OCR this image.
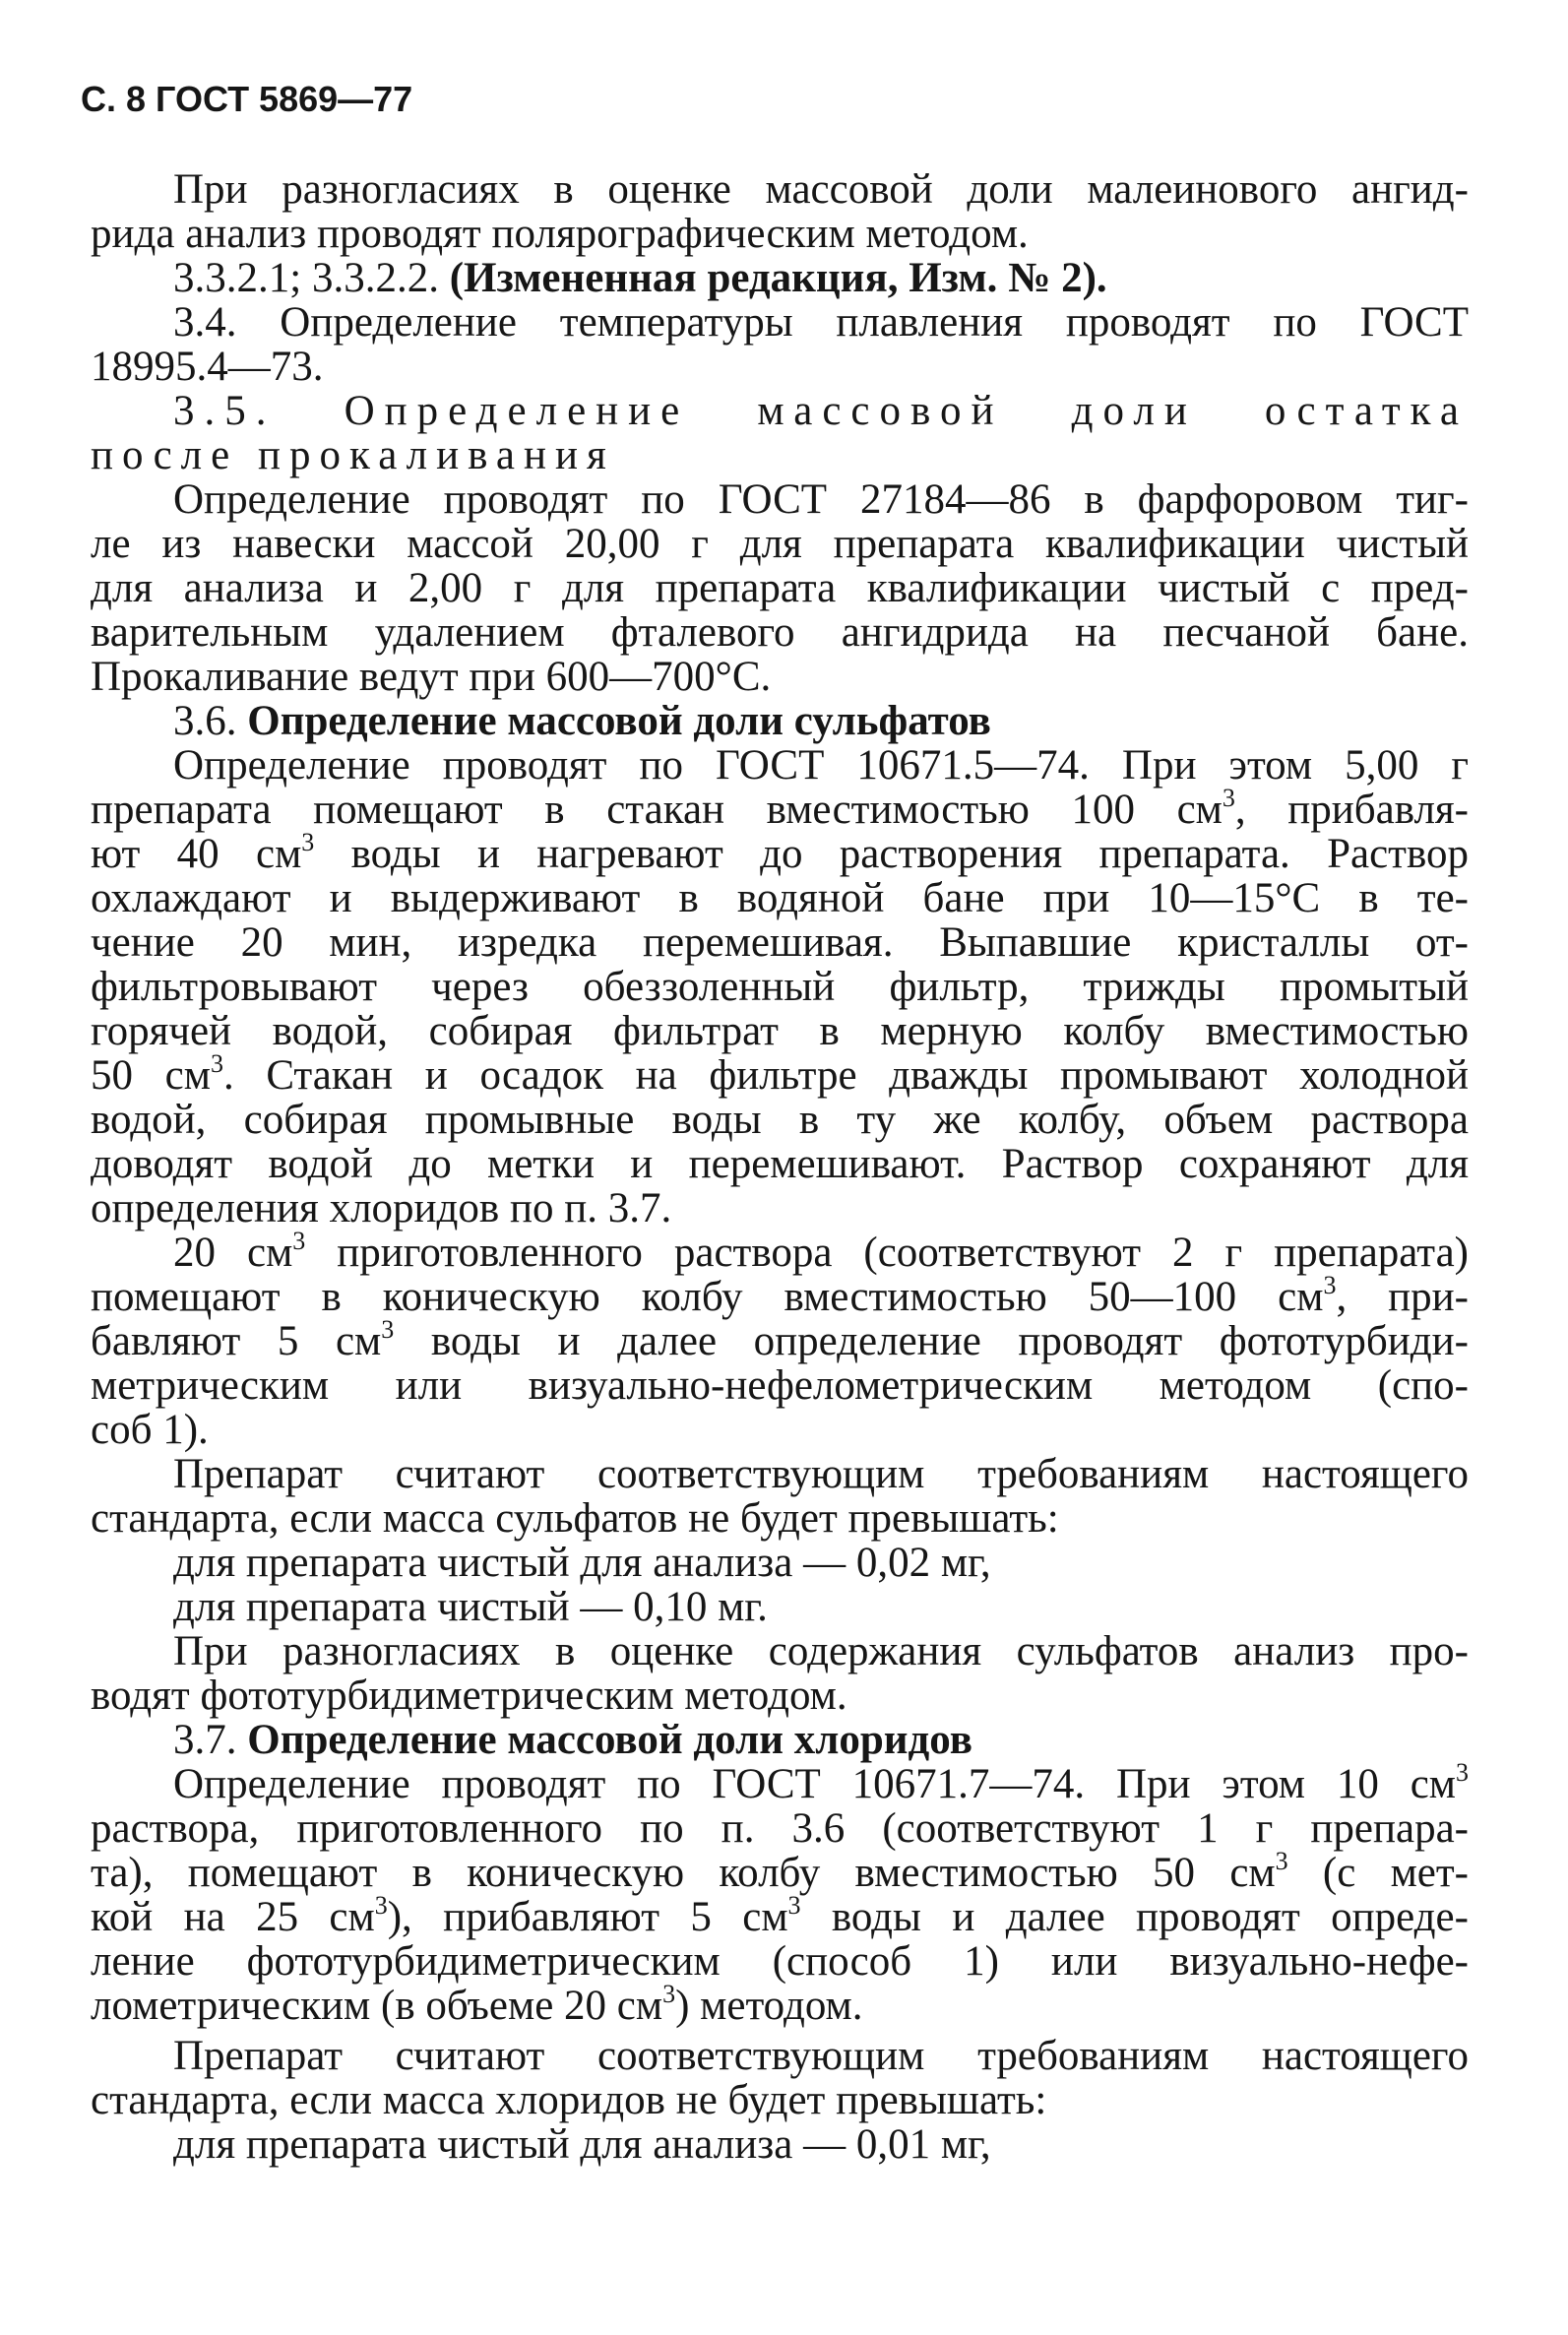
С. 8 ГОСТ 5869—77
При разногласиях в оценке массовой доли малеинового ангид-
рида анализ проводят полярографическим методом.
3.3.2.1; 3.3.2.2. (Измененная редакция, Изм. № 2).
3.4. Определение температуры плавления проводят по ГОСТ
18995.4—73.
3.5. Определение массовой доли остатка
после прокаливания
Определение проводят по ГОСТ 27184—86 в фарфоровом тиг-
ле из навески массой 20,00 г для препарата квалификации чистый
для анализа и 2,00 г для препарата квалификации чистый с пред-
варительным удалением фталевого ангидрида на песчаной бане.
Прокаливание ведут при 600—700°С.
3.6. Определение массовой доли сульфатов
Определение проводят по ГОСТ 10671.5—74. При этом 5,00 г
препарата помещают в стакан вместимостью 100 $см^3$, прибавля-
ют 40 $см^3$ воды и нагревают до растворения препарата. Раствор
охлаждают и выдерживают в водяной бане при 10—15°С в те-
чение 20 мин, изредка перемешивая. Выпавшие кристаллы от-
фильтровывают через обеззоленный фильтр, трижды промытый
горячей водой, собирая фильтрат в мерную колбу вместимостью
50 $см^3$. Стакан и осадок на фильтре дважды промывают холодной
водой, собирая промывные воды в ту же колбу, объем раствора
доводят водой до метки и перемешивают. Раствор сохраняют для
определения хлоридов по п. 3.7.
20 $см^3$ приготовленного раствора (соответствуют 2 г препарата)
помещают в коническую колбу вместимостью 50—100 $см^3$, при-
бавляют 5 $см^3$ воды и далее определение проводят фототурбиди-
метрическим или визуально-нефелометрическим методом (спо-
соб 1).
Препарат считают соответствующим требованиям настоящего
стандарта, если масса сульфатов не будет превышать:
для препарата чистый для анализа — 0,02 мг,
для препарата чистый — 0,10 мг.
При разногласиях в оценке содержания сульфатов анализ про-
водят фототурбидиметрическим методом.
3.7. Определение массовой доли хлоридов
Определение проводят по ГОСТ 10671.7—74. При этом 10 $см^3$
раствора, приготовленного по п. 3.6 (соответствуют 1 г препара-
та), помещают в коническую колбу вместимостью 50 $см^3$ (с мет-
кой на 25 $см^3$), прибавляют 5 $см^3$ воды и далее проводят опреде-
ление фототурбидиметрическим (способ 1) или визуально-нефе-
лометрическим (в объеме 20 $см^3$) методом.
Препарат считают соответствующим требованиям настоящего
стандарта, если масса хлоридов не будет превышать:
для препарата чистый для анализа — 0,01 мг,
